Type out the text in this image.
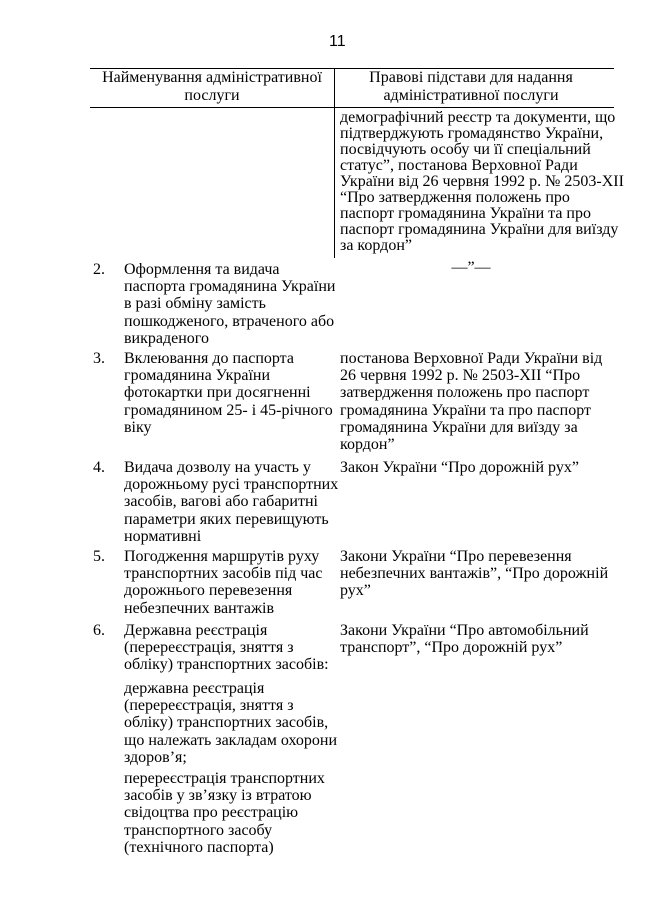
11
Найменування адміністративної
послуги
Правові підстави для надання
адміністративної послуги
демографічний реєстр та документи, що
підтверджують громадянство України,
посвідчують особу чи її спеціальний
статус”, постанова Верховної Ради
України від 26 червня 1992 р. № 2503-XII
“Про затвердження положень про
паспорт громадянина України та про
паспорт громадянина України для виїзду
за кордон”
2. Оформлення та видача
паспорта громадянина України
в разі обміну замість
пошкодженого, втраченого або
викраденого
—”—
3. Вклеювання до паспорта
громадянина України
фотокартки при досягненні
громадянином 25- і 45-річного
віку
постанова Верховної Ради України від
26 червня 1992 р. № 2503-XII “Про
затвердження положень про паспорт
громадянина України та про паспорт
громадянина України для виїзду за
кордон”
4. Видача дозволу на участь у
дорожньому русі транспортних
засобів, вагові або габаритні
параметри яких перевищують
нормативні
Закон України “Про дорожній рух”
5. Погодження маршрутів руху
транспортних засобів під час
дорожнього перевезення
небезпечних вантажів
Закони України “Про перевезення
небезпечних вантажів”, “Про дорожній
рух”
6. Державна реєстрація
(перереєстрація, зняття з
обліку) транспортних засобів:
Закони України “Про автомобільний
транспорт”, “Про дорожній рух”
державна реєстрація
(перереєстрація, зняття з
обліку) транспортних засобів,
що належать закладам охорони
здоров’я;
перереєстрація транспортних
засобів у зв’язку із втратою
свідоцтва про реєстрацію
транспортного засобу
(технічного паспорта)
